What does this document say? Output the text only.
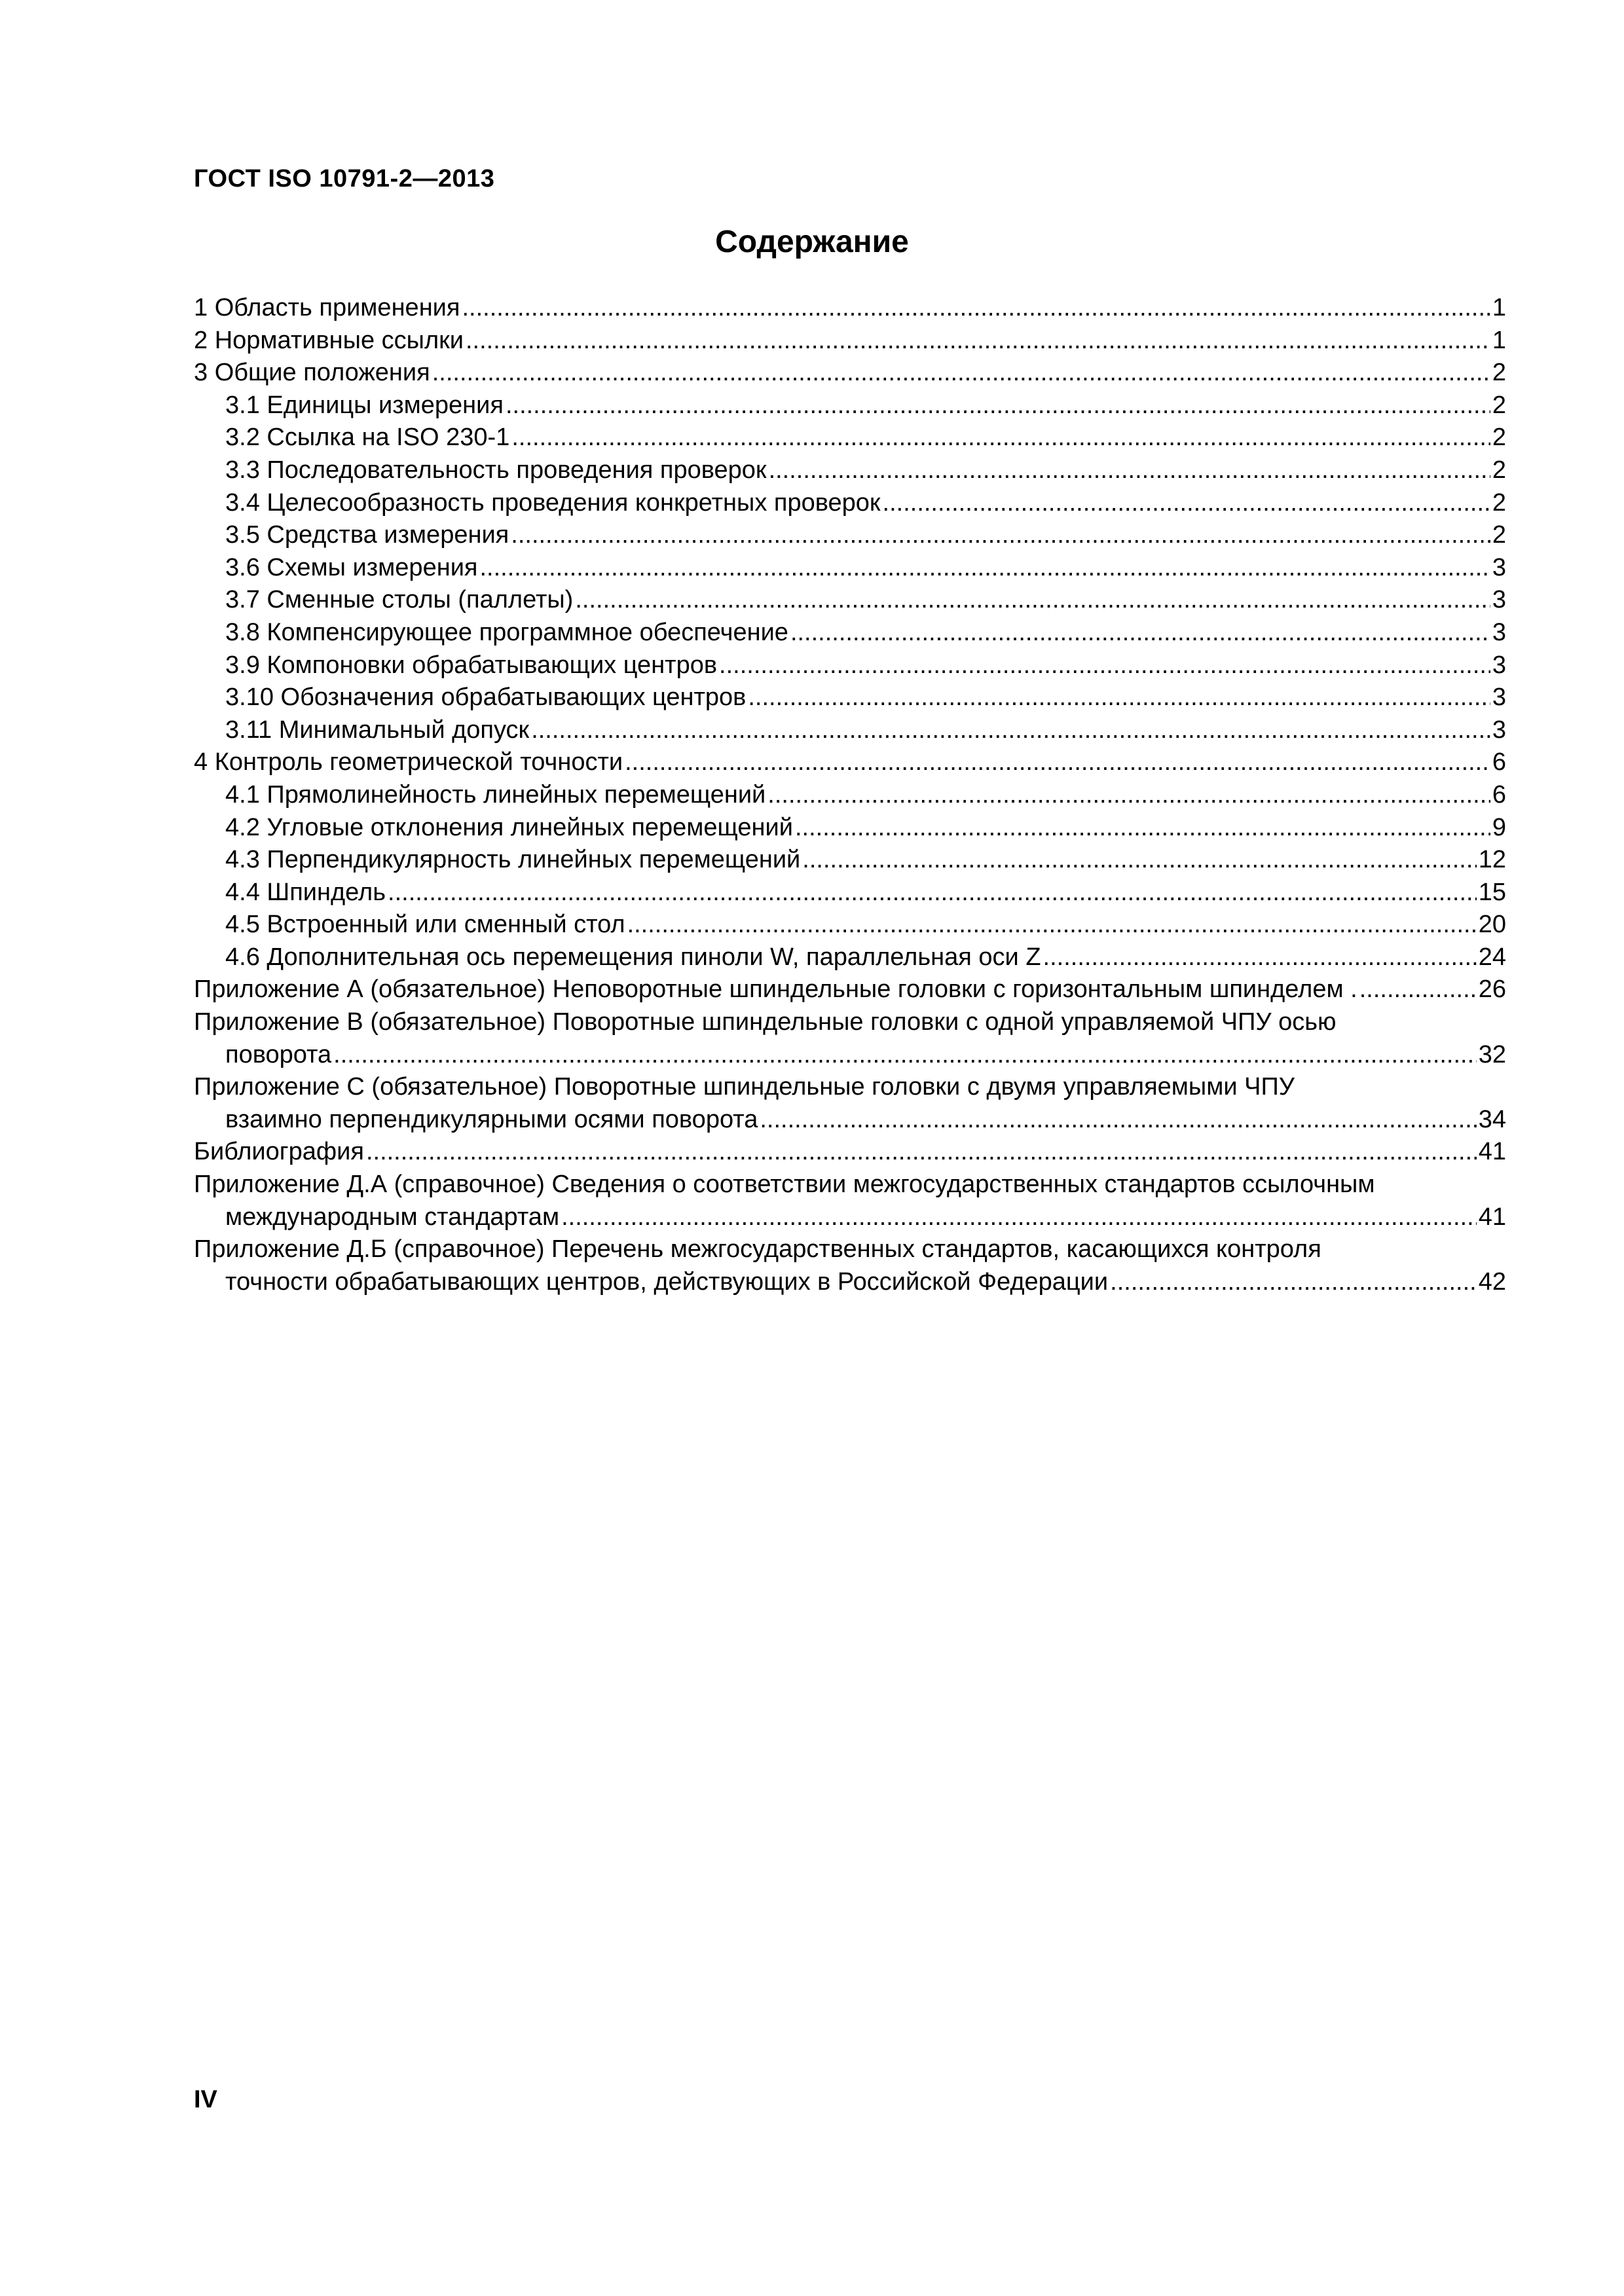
ГОСТ ISO 10791-2—2013
Содержание
1 Область применения .....	1
2 Нормативные ссылки .....	1
3 Общие положения .....	2
3.1 Единицы измерения .....	2
3.2 Ссылка на ISO 230-1 .....	2
3.3 Последовательность проведения проверок .....	2
3.4 Целесообразность проведения конкретных проверок .....	2
3.5 Средства измерения .....	2
3.6 Схемы измерения .....	3
3.7 Сменные столы (паллеты) .....	3
3.8 Компенсирующее программное обеспечение .....	3
3.9 Компоновки обрабатывающих центров .....	3
3.10 Обозначения обрабатывающих центров .....	3
3.11 Минимальный допуск .....	3
4 Контроль геометрической точности .....	6
4.1 Прямолинейность линейных перемещений .....	6
4.2 Угловые отклонения линейных перемещений .....	9
4.3 Перпендикулярность линейных перемещений .....	12
4.4 Шпиндель .....	15
4.5 Встроенный или сменный стол .....	20
4.6 Дополнительная ось перемещения пиноли W, параллельная оси Z .....	24
Приложение А (обязательное) Неповоротные шпиндельные головки с горизонтальным шпинделем . .....	26
Приложение В (обязательное) Поворотные шпиндельные головки с одной управляемой ЧПУ осью
поворота .....	32
Приложение С (обязательное) Поворотные шпиндельные головки с двумя управляемыми ЧПУ
взаимно перпендикулярными осями поворота .....	34
Библиография .....	41
Приложение Д.А (справочное) Сведения о соответствии межгосударственных стандартов ссылочным
международным стандартам .....	41
Приложение Д.Б (справочное) Перечень межгосударственных стандартов, касающихся контроля
точности обрабатывающих центров, действующих в Российской Федерации .....	42
IV
